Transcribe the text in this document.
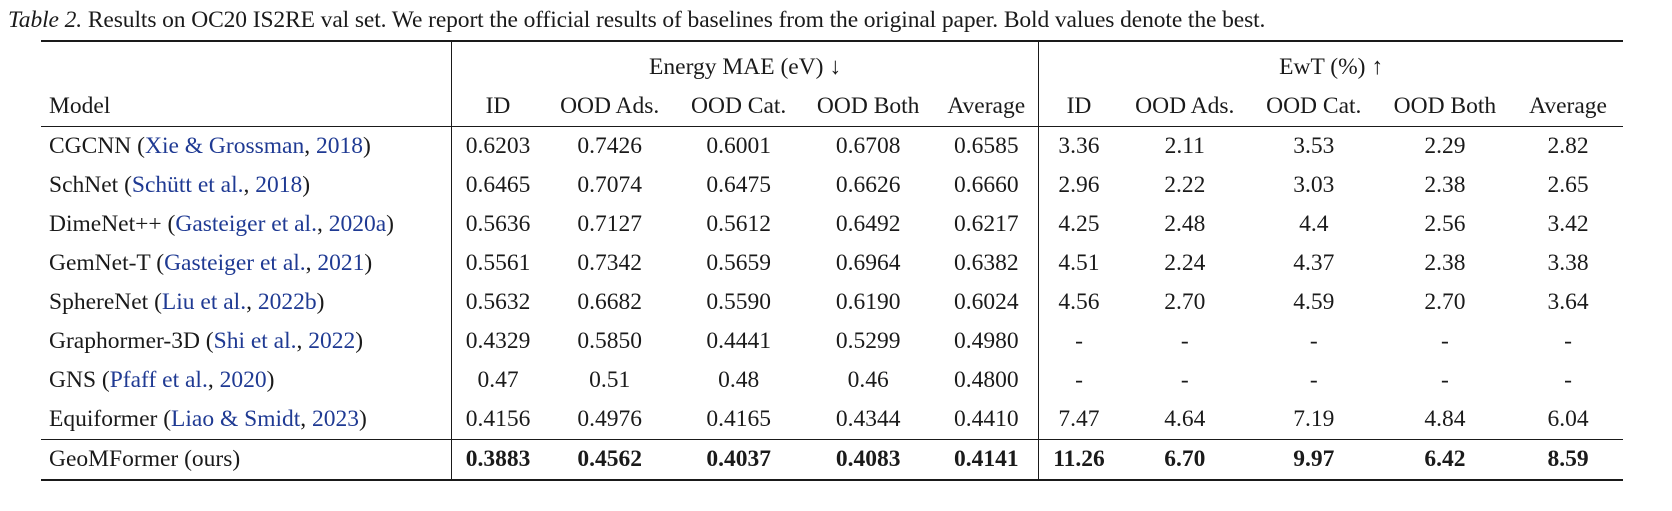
Table 2. Results on OC20 IS2RE val set. We report the official results of baselines from the original paper. Bold values denote the best.
	Energy MAE (eV) ↓					EwT (%) ↑				
Model	ID	OOD Ads.	OOD Cat.	OOD Both	Average	ID	OOD Ads.	OOD Cat.	OOD Both	Average
CGCNN (Xie & Grossman, 2018)	0.6203	0.7426	0.6001	0.6708	0.6585	3.36	2.11	3.53	2.29	2.82
SchNet (Schütt et al., 2018)	0.6465	0.7074	0.6475	0.6626	0.6660	2.96	2.22	3.03	2.38	2.65
DimeNet++ (Gasteiger et al., 2020a)	0.5636	0.7127	0.5612	0.6492	0.6217	4.25	2.48	4.4	2.56	3.42
GemNet-T (Gasteiger et al., 2021)	0.5561	0.7342	0.5659	0.6964	0.6382	4.51	2.24	4.37	2.38	3.38
SphereNet (Liu et al., 2022b)	0.5632	0.6682	0.5590	0.6190	0.6024	4.56	2.70	4.59	2.70	3.64
Graphormer-3D (Shi et al., 2022)	0.4329	0.5850	0.4441	0.5299	0.4980	-	-	-	-	-
GNS (Pfaff et al., 2020)	0.47	0.51	0.48	0.46	0.4800	-	-	-	-	-
Equiformer (Liao & Smidt, 2023)	0.4156	0.4976	0.4165	0.4344	0.4410	7.47	4.64	7.19	4.84	6.04
GeoMFormer (ours)	0.3883	0.4562	0.4037	0.4083	0.4141	11.26	6.70	9.97	6.42	8.59
